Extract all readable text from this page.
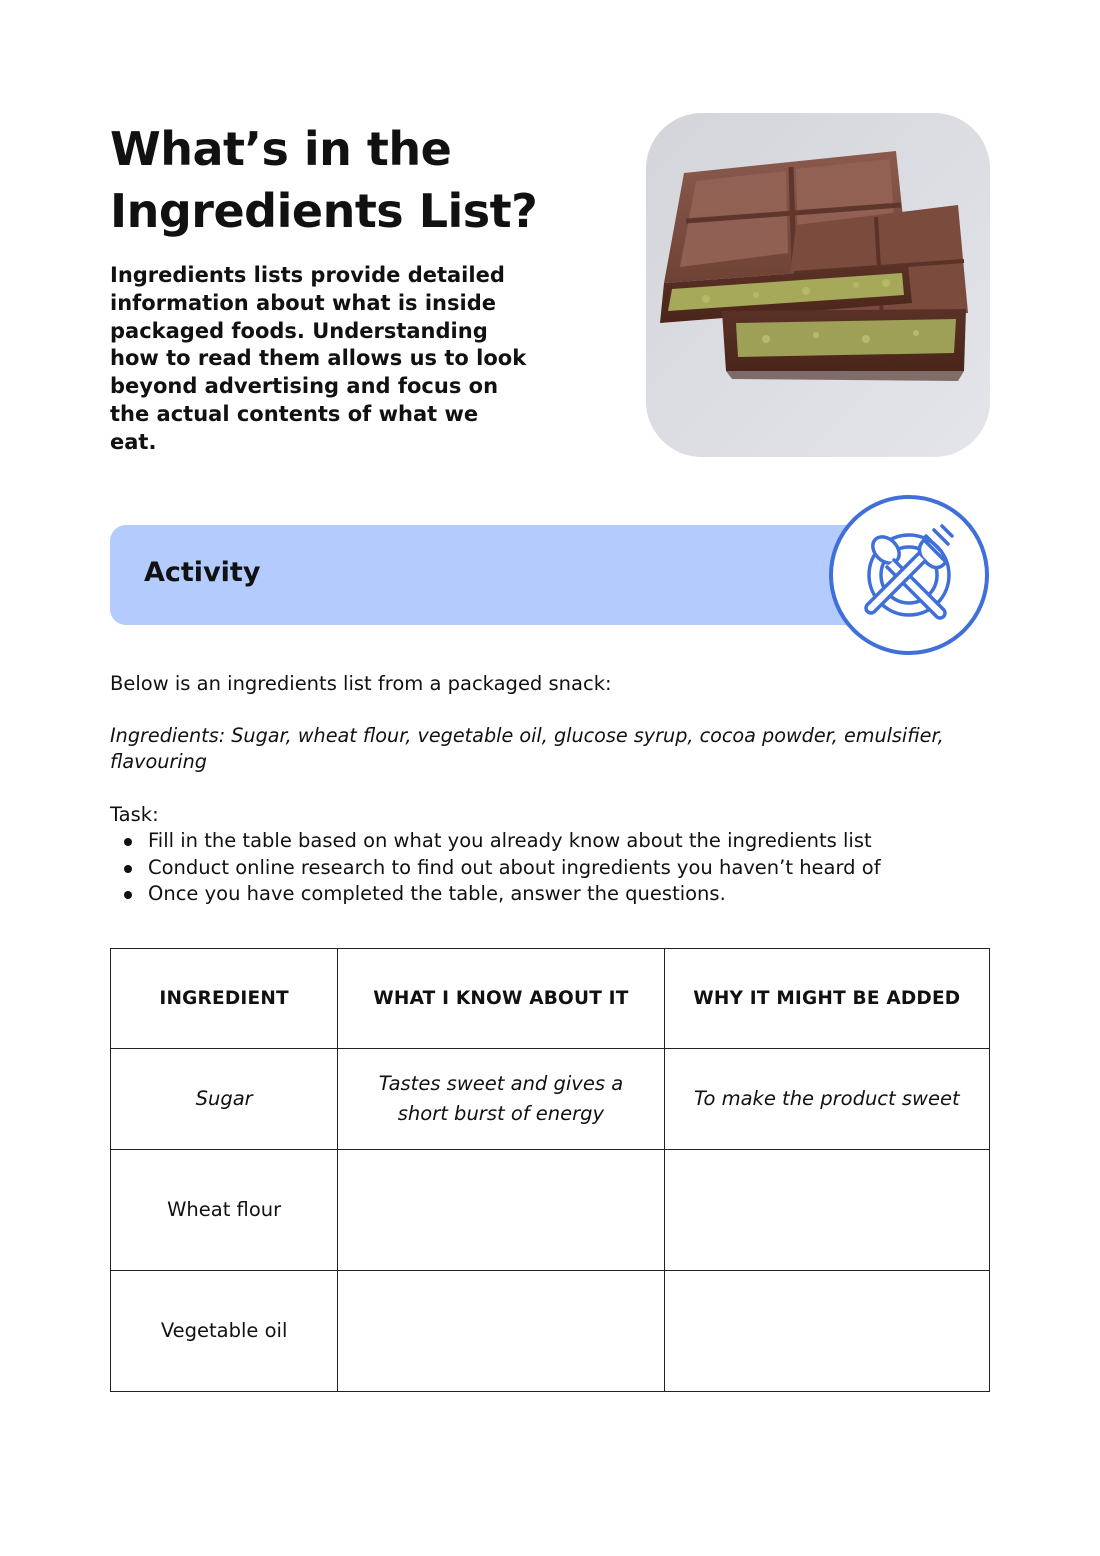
What’s in the
Ingredients List?

Ingredients lists provide detailed information about what is inside packaged foods. Understanding how to read them allows us to look beyond advertising and focus on the actual contents of what we eat.

Activity

Below is an ingredients list from a packaged snack:

Ingredients: Sugar, wheat flour, vegetable oil, glucose syrup, cocoa powder, emulsifier, flavouring

Task:

Fill in the table based on what you already know about the ingredients list
Conduct online research to find out about ingredients you haven’t heard of
Once you have completed the table, answer the questions.
INGREDIENT	WHAT I KNOW ABOUT IT	WHY IT MIGHT BE ADDED
Sugar	Tastes sweet and gives a short burst of energy	To make the product sweet
Wheat flour		
Vegetable oil		
